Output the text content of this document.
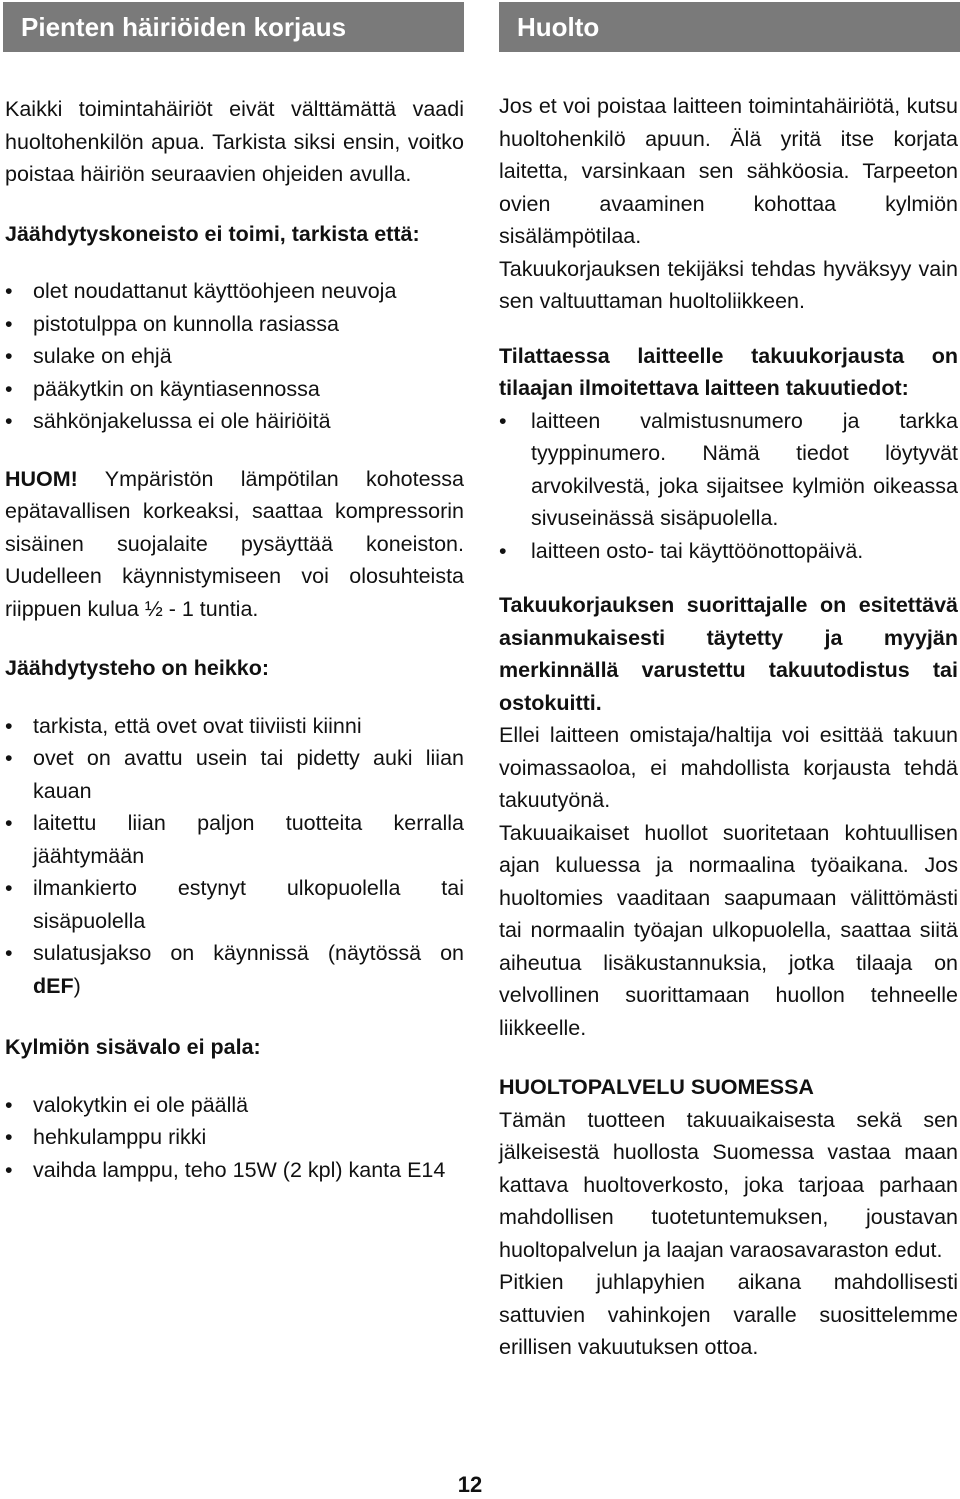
Pienten häiriöiden korjaus	Huolto

Kaikki toimintahäiriöt eivät välttämättä vaadi huoltohenkilön apua. Tarkista siksi ensin, voitko poistaa häiriön seuraavien ohjeiden avulla.

Jäähdytyskoneisto ei toimi, tarkista että:

• olet noudattanut käyttöohjeen neuvoja
• pistotulppa on kunnolla rasiassa
• sulake on ehjä
• pääkytkin on käyntiasennossa
• sähkönjakelussa ei ole häiriöitä

HUOM! Ympäristön lämpötilan kohotessa epätavallisen korkeaksi, saattaa kompressorin sisäinen suojalaite pysäyttää koneiston. Uudelleen käynnistymiseen voi olosuhteista riippuen kulua ½ - 1 tuntia.

Jäähdytysteho on heikko:

• tarkista, että ovet ovat tiiviisti kiinni
• ovet on avattu usein tai pidetty auki liian kauan
• laitettu liian paljon tuotteita kerralla jäähtymään
• ilmankierto estynyt ulkopuolella tai sisäpuolella
• sulatusjakso on käynnissä (näytössä on dEF)

Kylmiön sisävalo ei pala:

• valokytkin ei ole päällä
• hehkulamppu rikki
• vaihda lamppu, teho 15W (2 kpl) kanta E14

Jos et voi poistaa laitteen toimintahäiriötä, kutsu huoltohenkilö apuun. Älä yritä itse korjata laitetta, varsinkaan sen sähköosia. Tarpeeton ovien avaaminen kohottaa kylmiön sisälämpötilaa.

Takuukorjauksen tekijäksi tehdas hyväksyy vain sen valtuuttaman huoltoliikkeen.

Tilattaessa laitteelle takuukorjausta on tilaajan ilmoitettava laitteen takuutiedot:

• laitteen valmistusnumero ja tarkka tyyppinumero. Nämä tiedot löytyvät arvokilvestä, joka sijaitsee kylmiön oikeassa sivuseinässä sisäpuolella.
• laitteen osto- tai käyttöönottopäivä.

Takuukorjauksen suorittajalle on esitettävä asianmukaisesti täytetty ja myyjän merkinnällä varustettu takuutodistus tai ostokuitti.

Ellei laitteen omistaja/haltija voi esittää takuun voimassaoloa, ei mahdollista korjausta tehdä takuutyönä.

Takuuaikaiset huollot suoritetaan kohtuullisen ajan kuluessa ja normaalina työaikana. Jos huoltomies vaaditaan saapumaan välittömästi tai normaalin työajan ulkopuolella, saattaa siitä aiheutua lisäkustannuksia, jotka tilaaja on velvollinen suorittamaan huollon tehneelle liikkeelle.

HUOLTOPALVELU SUOMESSA

Tämän tuotteen takuuaikaisesta sekä sen jälkeisestä huollosta Suomessa vastaa maan kattava huoltoverkosto, joka tarjoaa parhaan mahdollisen tuotetuntemuksen, joustavan huoltopalvelun ja laajan varaosavaraston edut.

Pitkien juhlapyhien aikana mahdollisesti sattuvien vahinkojen varalle suosittelemme erillisen vakuutuksen ottoa.

12
